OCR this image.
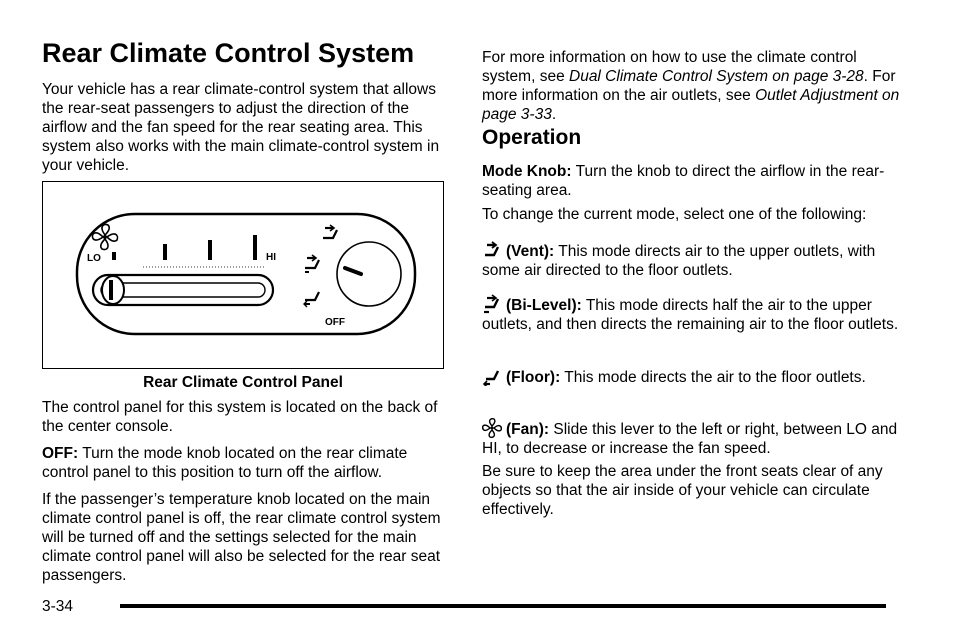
Rear Climate Control System

Your vehicle has a rear climate-control system that allows the rear-seat passengers to adjust the direction of the airflow and the fan speed for the rear seating area. This system also works with the main climate-control system in your vehicle.

LO	HI
OFF
Rear Climate Control Panel

The control panel for this system is located on the back of the center console.

OFF: Turn the mode knob located on the rear climate control panel to this position to turn off the airflow.

If the passenger’s temperature knob located on the main climate control panel is off, the rear climate control system will be turned off and the settings selected for the main climate control panel will also be selected for the rear seat passengers.

For more information on how to use the climate control system, see Dual Climate Control System on page 3-28. For more information on the air outlets, see Outlet Adjustment on page 3-33.

Operation

Mode Knob: Turn the knob to direct the airflow in the rear-seating area.

To change the current mode, select one of the following:

(Vent): This mode directs air to the upper outlets, with some air directed to the floor outlets.

(Bi-Level): This mode directs half the air to the upper outlets, and then directs the remaining air to the floor outlets.

(Floor): This mode directs the air to the floor outlets.

(Fan): Slide this lever to the left or right, between LO and HI, to decrease or increase the fan speed.

Be sure to keep the area under the front seats clear of any objects so that the air inside of your vehicle can circulate effectively.

3-34
